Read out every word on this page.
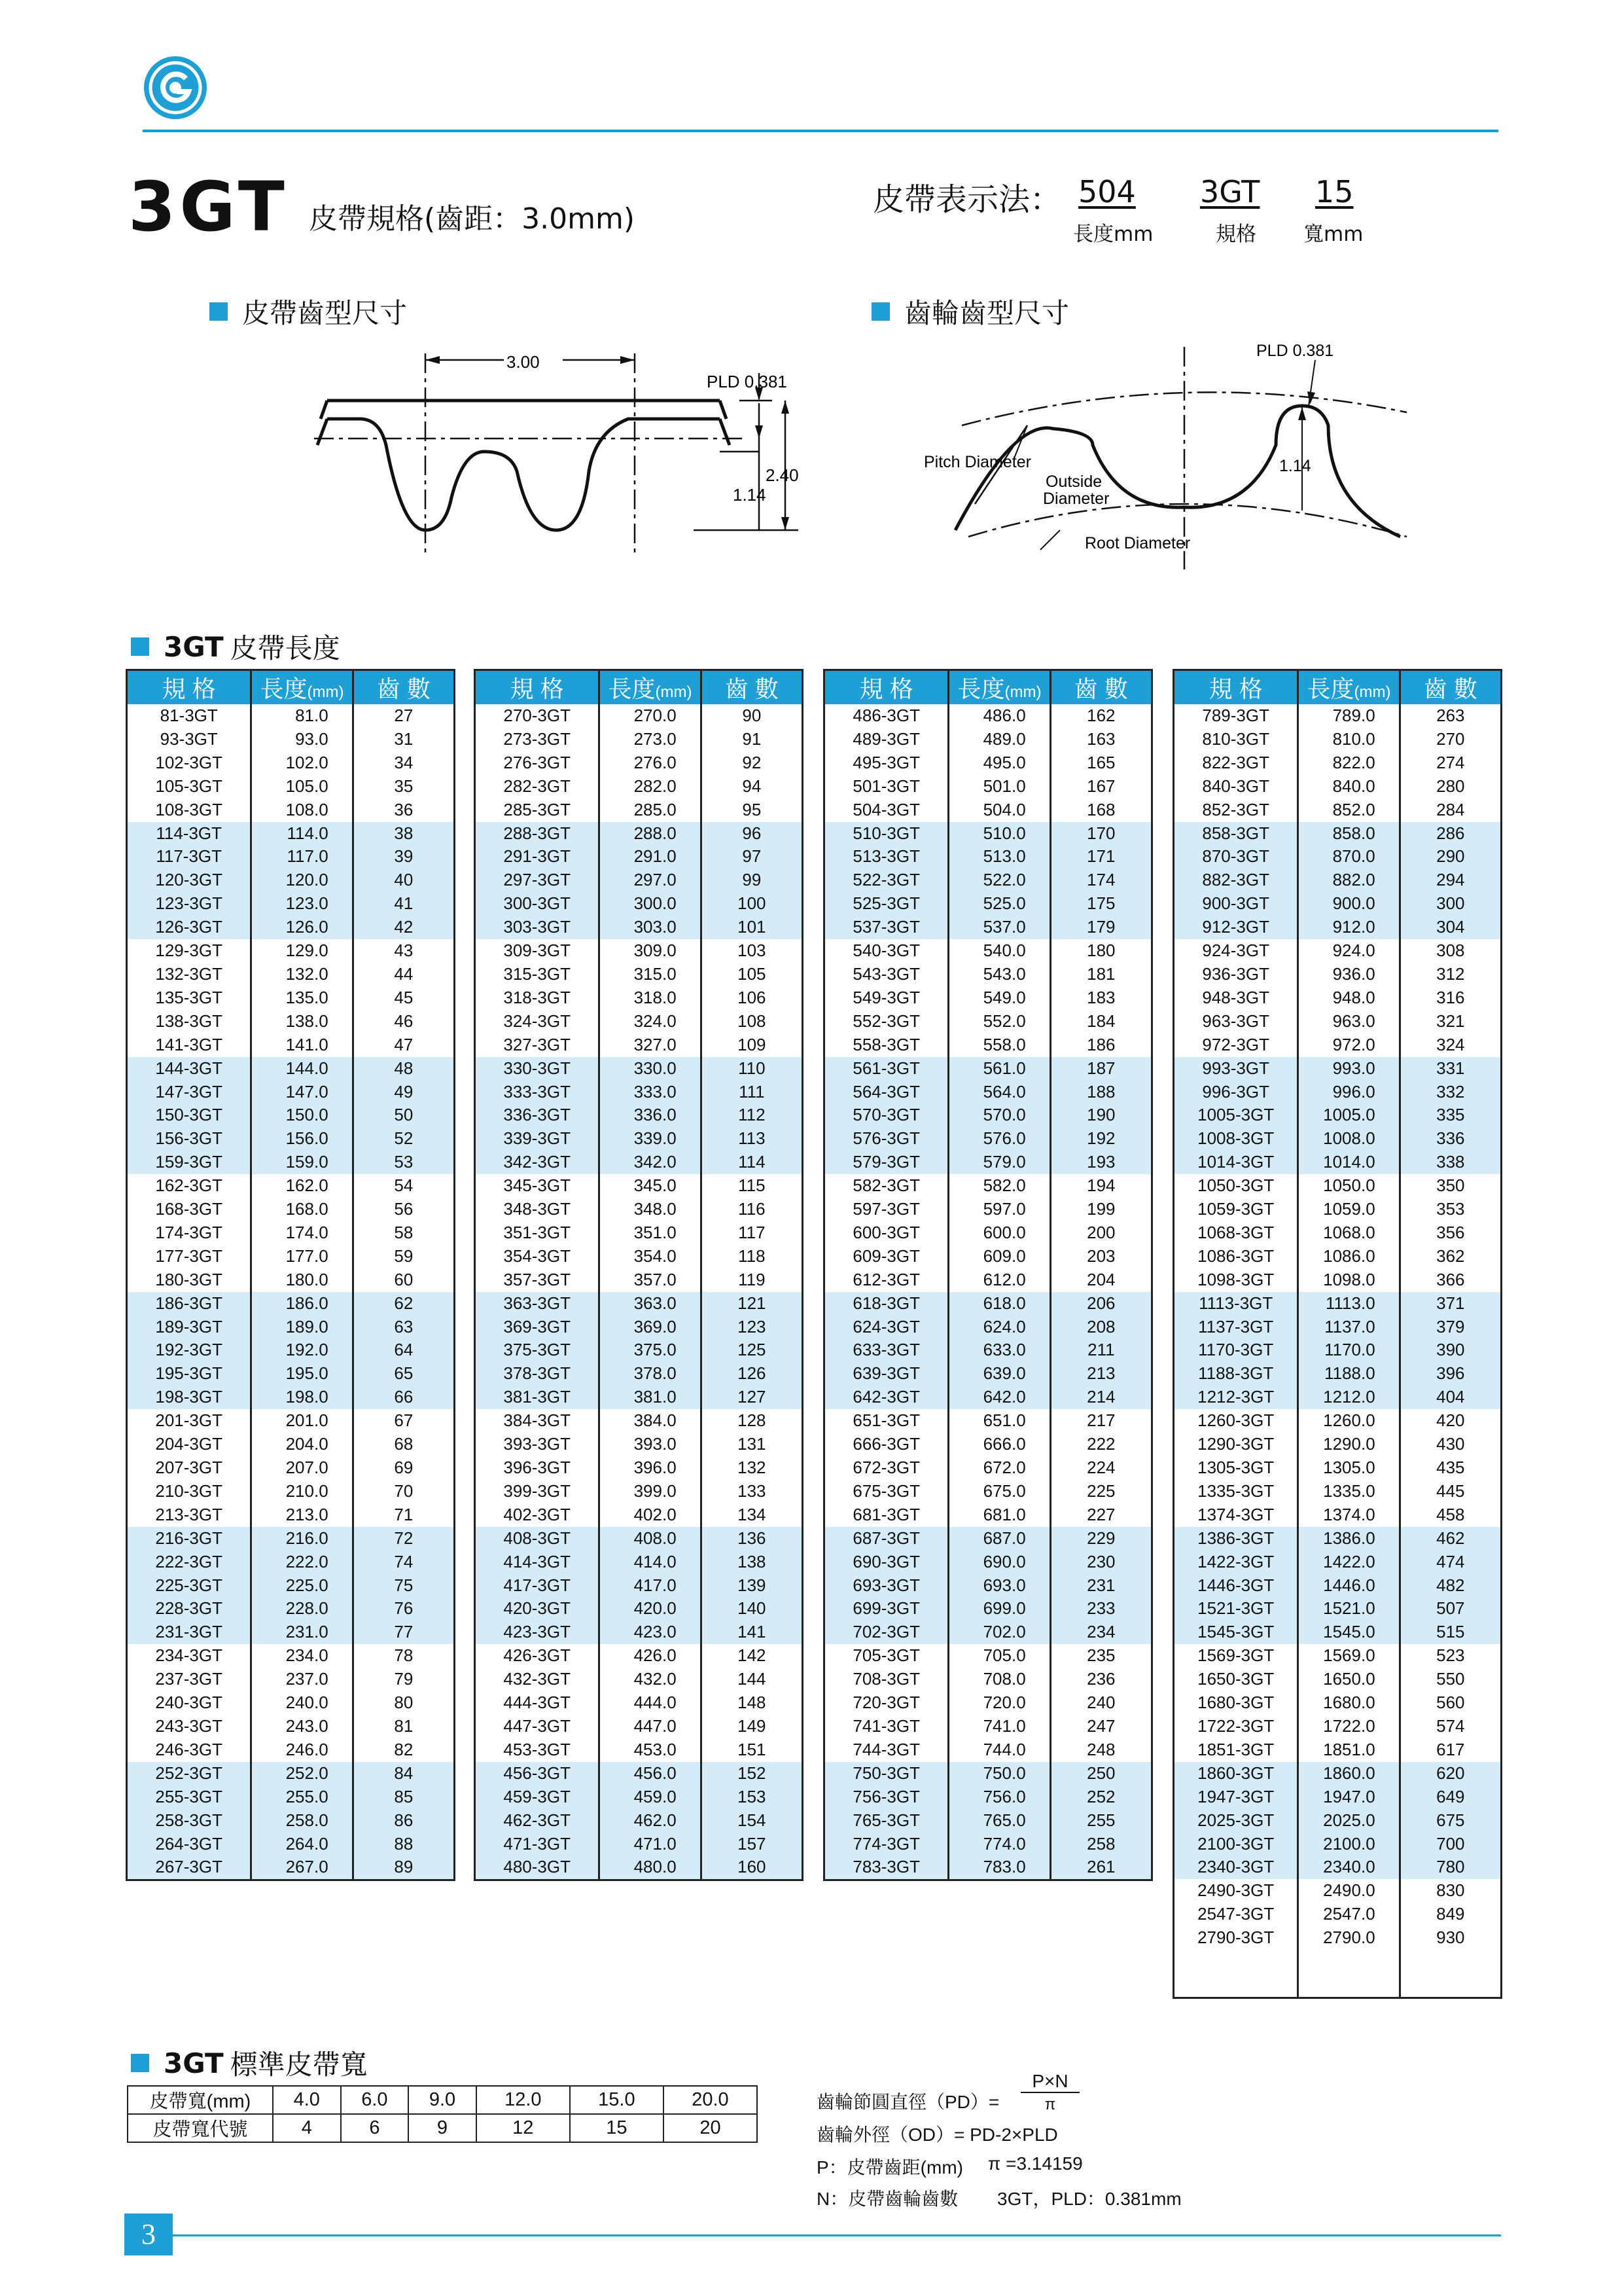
3GT 皮帶規格(齒距：3.0mm)
皮帶表示法： 504
長度mm
3GT
規格
15
寬mm
皮帶齒型尺寸	齒輪齒型尺寸
3.00
PLD 0.381
2.40
1.14
PLD 0.381
1.14
Pitch Diameter
Outside
Diameter
Root Diameter
3GT 皮帶長度
規 格	長度(mm)	齒 數
81-3GT	81.0	27
93-3GT	93.0	31
102-3GT	102.0	34
105-3GT	105.0	35
108-3GT	108.0	36
114-3GT	114.0	38
117-3GT	117.0	39
120-3GT	120.0	40
123-3GT	123.0	41
126-3GT	126.0	42
129-3GT	129.0	43
132-3GT	132.0	44
135-3GT	135.0	45
138-3GT	138.0	46
141-3GT	141.0	47
144-3GT	144.0	48
147-3GT	147.0	49
150-3GT	150.0	50
156-3GT	156.0	52
159-3GT	159.0	53
162-3GT	162.0	54
168-3GT	168.0	56
174-3GT	174.0	58
177-3GT	177.0	59
180-3GT	180.0	60
186-3GT	186.0	62
189-3GT	189.0	63
192-3GT	192.0	64
195-3GT	195.0	65
198-3GT	198.0	66
201-3GT	201.0	67
204-3GT	204.0	68
207-3GT	207.0	69
210-3GT	210.0	70
213-3GT	213.0	71
216-3GT	216.0	72
222-3GT	222.0	74
225-3GT	225.0	75
228-3GT	228.0	76
231-3GT	231.0	77
234-3GT	234.0	78
237-3GT	237.0	79
240-3GT	240.0	80
243-3GT	243.0	81
246-3GT	246.0	82
252-3GT	252.0	84
255-3GT	255.0	85
258-3GT	258.0	86
264-3GT	264.0	88
267-3GT	267.0	89
規 格	長度(mm)	齒 數
270-3GT	270.0	90
273-3GT	273.0	91
276-3GT	276.0	92
282-3GT	282.0	94
285-3GT	285.0	95
288-3GT	288.0	96
291-3GT	291.0	97
297-3GT	297.0	99
300-3GT	300.0	100
303-3GT	303.0	101
309-3GT	309.0	103
315-3GT	315.0	105
318-3GT	318.0	106
324-3GT	324.0	108
327-3GT	327.0	109
330-3GT	330.0	110
333-3GT	333.0	111
336-3GT	336.0	112
339-3GT	339.0	113
342-3GT	342.0	114
345-3GT	345.0	115
348-3GT	348.0	116
351-3GT	351.0	117
354-3GT	354.0	118
357-3GT	357.0	119
363-3GT	363.0	121
369-3GT	369.0	123
375-3GT	375.0	125
378-3GT	378.0	126
381-3GT	381.0	127
384-3GT	384.0	128
393-3GT	393.0	131
396-3GT	396.0	132
399-3GT	399.0	133
402-3GT	402.0	134
408-3GT	408.0	136
414-3GT	414.0	138
417-3GT	417.0	139
420-3GT	420.0	140
423-3GT	423.0	141
426-3GT	426.0	142
432-3GT	432.0	144
444-3GT	444.0	148
447-3GT	447.0	149
453-3GT	453.0	151
456-3GT	456.0	152
459-3GT	459.0	153
462-3GT	462.0	154
471-3GT	471.0	157
480-3GT	480.0	160
規 格	長度(mm)	齒 數
486-3GT	486.0	162
489-3GT	489.0	163
495-3GT	495.0	165
501-3GT	501.0	167
504-3GT	504.0	168
510-3GT	510.0	170
513-3GT	513.0	171
522-3GT	522.0	174
525-3GT	525.0	175
537-3GT	537.0	179
540-3GT	540.0	180
543-3GT	543.0	181
549-3GT	549.0	183
552-3GT	552.0	184
558-3GT	558.0	186
561-3GT	561.0	187
564-3GT	564.0	188
570-3GT	570.0	190
576-3GT	576.0	192
579-3GT	579.0	193
582-3GT	582.0	194
597-3GT	597.0	199
600-3GT	600.0	200
609-3GT	609.0	203
612-3GT	612.0	204
618-3GT	618.0	206
624-3GT	624.0	208
633-3GT	633.0	211
639-3GT	639.0	213
642-3GT	642.0	214
651-3GT	651.0	217
666-3GT	666.0	222
672-3GT	672.0	224
675-3GT	675.0	225
681-3GT	681.0	227
687-3GT	687.0	229
690-3GT	690.0	230
693-3GT	693.0	231
699-3GT	699.0	233
702-3GT	702.0	234
705-3GT	705.0	235
708-3GT	708.0	236
720-3GT	720.0	240
741-3GT	741.0	247
744-3GT	744.0	248
750-3GT	750.0	250
756-3GT	756.0	252
765-3GT	765.0	255
774-3GT	774.0	258
783-3GT	783.0	261
規 格	長度(mm)	齒 數
789-3GT	789.0	263
810-3GT	810.0	270
822-3GT	822.0	274
840-3GT	840.0	280
852-3GT	852.0	284
858-3GT	858.0	286
870-3GT	870.0	290
882-3GT	882.0	294
900-3GT	900.0	300
912-3GT	912.0	304
924-3GT	924.0	308
936-3GT	936.0	312
948-3GT	948.0	316
963-3GT	963.0	321
972-3GT	972.0	324
993-3GT	993.0	331
996-3GT	996.0	332
1005-3GT	1005.0	335
1008-3GT	1008.0	336
1014-3GT	1014.0	338
1050-3GT	1050.0	350
1059-3GT	1059.0	353
1068-3GT	1068.0	356
1086-3GT	1086.0	362
1098-3GT	1098.0	366
1113-3GT	1113.0	371
1137-3GT	1137.0	379
1170-3GT	1170.0	390
1188-3GT	1188.0	396
1212-3GT	1212.0	404
1260-3GT	1260.0	420
1290-3GT	1290.0	430
1305-3GT	1305.0	435
1335-3GT	1335.0	445
1374-3GT	1374.0	458
1386-3GT	1386.0	462
1422-3GT	1422.0	474
1446-3GT	1446.0	482
1521-3GT	1521.0	507
1545-3GT	1545.0	515
1569-3GT	1569.0	523
1650-3GT	1650.0	550
1680-3GT	1680.0	560
1722-3GT	1722.0	574
1851-3GT	1851.0	617
1860-3GT	1860.0	620
1947-3GT	1947.0	649
2025-3GT	2025.0	675
2100-3GT	2100.0	700
2340-3GT	2340.0	780
2490-3GT	2490.0	830
2547-3GT	2547.0	849
2790-3GT	2790.0	930

3GT 標準皮帶寬
皮帶寬(mm)	4.0	6.0	9.0	12.0	15.0	20.0
皮帶寬代號	4	6	9	12	15	20
齒輪節圓直徑（PD）=
P×N
π
齒輪外徑（OD）= PD-2×PLD
P：皮帶齒距(mm) π =3.14159
N：皮帶齒輪齒數 3GT，PLD：0.381mm
3
